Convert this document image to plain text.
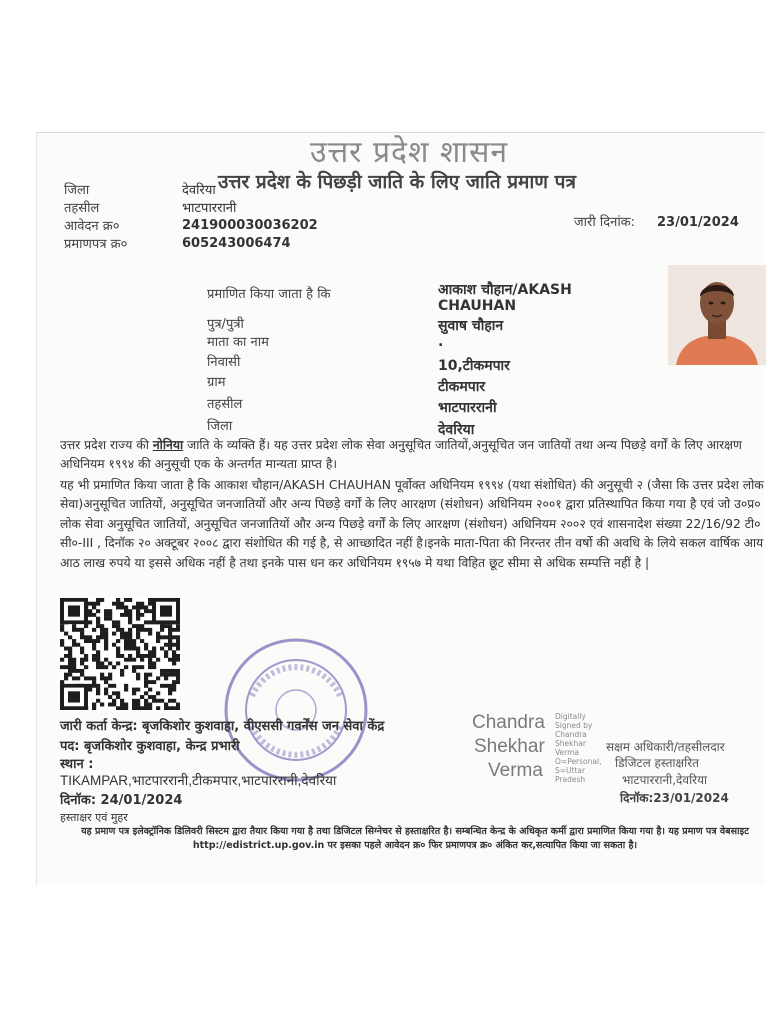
उत्तर प्रदेश शासन
उत्तर प्रदेश के पिछड़ी जाति के लिए जाति प्रमाण पत्र
जिला	देवरिया
तहसील	भाटपाररानी
आवेदन क्र०	241900030036202
प्रमाणपत्र क्र०	605243006474
जारी दिनांक: 23/01/2024
प्रमाणित किया जाता है कि	आकाश चौहान/AKASH
CHAUHAN
पुत्र/पुत्री	सुवाष चौहान
माता का नाम	.
निवासी	10,टीकमपार
ग्राम	टीकमपार
तहसील	भाटपाररानी
जिला	देवरिया
उत्तर प्रदेश राज्य की नोनिया जाति के व्यक्ति हैं। यह उत्तर प्रदेश लोक सेवा अनुसूचित जातियों,अनुसूचित जन जातियों तथा अन्य पिछड़े वर्गों के लिए आरक्षण अधिनियम १९९४ की अनुसूची एक के अन्तर्गत मान्यता प्राप्त है।
यह भी प्रमाणित किया जाता है कि आकाश चौहान/AKASH CHAUHAN पूर्वोक्त अधिनियम १९९४ (यथा संशोधित) की अनुसूची २ (जैसा कि उत्तर प्रदेश लोक सेवा)अनुसूचित जातियों, अनुसूचित जनजातियों और अन्य पिछड़े वर्गों के लिए आरक्षण (संशोधन) अधिनियम २००१ द्वारा प्रतिस्थापित किया गया है एवं जो उ०प्र० लोक सेवा अनुसूचित जातियों, अनुसूचित जनजातियों और अन्य पिछड़े वर्गों के लिए आरक्षण (संशोधन) अधिनियम २००२ एवं शासनादेश संख्या 22/16/92 टी० सी०-III , दिनॉक २० अक्टूबर २००८ द्वारा संशोधित की गई है, से आच्छादित नहीं है।इनके माता-पिता की निरन्तर तीन वर्षो की अवधि के लिये सकल वार्षिक आय आठ लाख रुपये या इससे अधिक नहीं है तथा इनके पास धन कर अधिनियम १९५७ मे यथा विहित छूट सीमा से अधिक सम्पत्ति नहीं है |
जारी कर्ता केन्द्र: बृजकिशोर कुशवाहा, वीएससी गवर्नेंस जन सेवा केंद्र
पद: बृजकिशोर कुशवाहा, केन्द्र प्रभारी
स्थान :
TIKAMPAR,भाटपाररानी,टीकमपार,भाटपाररानी,देवरिया
दिनॉक: 24/01/2024
हस्ताक्षर एवं मुहर
Chandra
Shekhar
Verma
Digitally Signed by Chandra Shekhar Verma O=Personal, S=Uttar Pradesh
सक्षम अधिकारी/तहसीलदार
डिजिटल हस्ताक्षरित
भाटपाररानी,देवरिया
दिनॉक:23/01/2024
यह प्रमाण पत्र इलेक्ट्रॉनिक डिलिवरी सिस्टम द्वारा तैयार किया गया है तथा डिजिटल सिग्नेचर से हस्ताक्षरित है। सम्बन्धित केन्द्र के अधिकृत कर्मी द्वारा प्रमाणित किया गया है। यह प्रमाण पत्र वेबसाइट http://edistrict.up.gov.in पर इसका पहले आवेदन क्र० फिर प्रमाणपत्र क्र० अंकित कर,सत्यापित किया जा सकता है।
